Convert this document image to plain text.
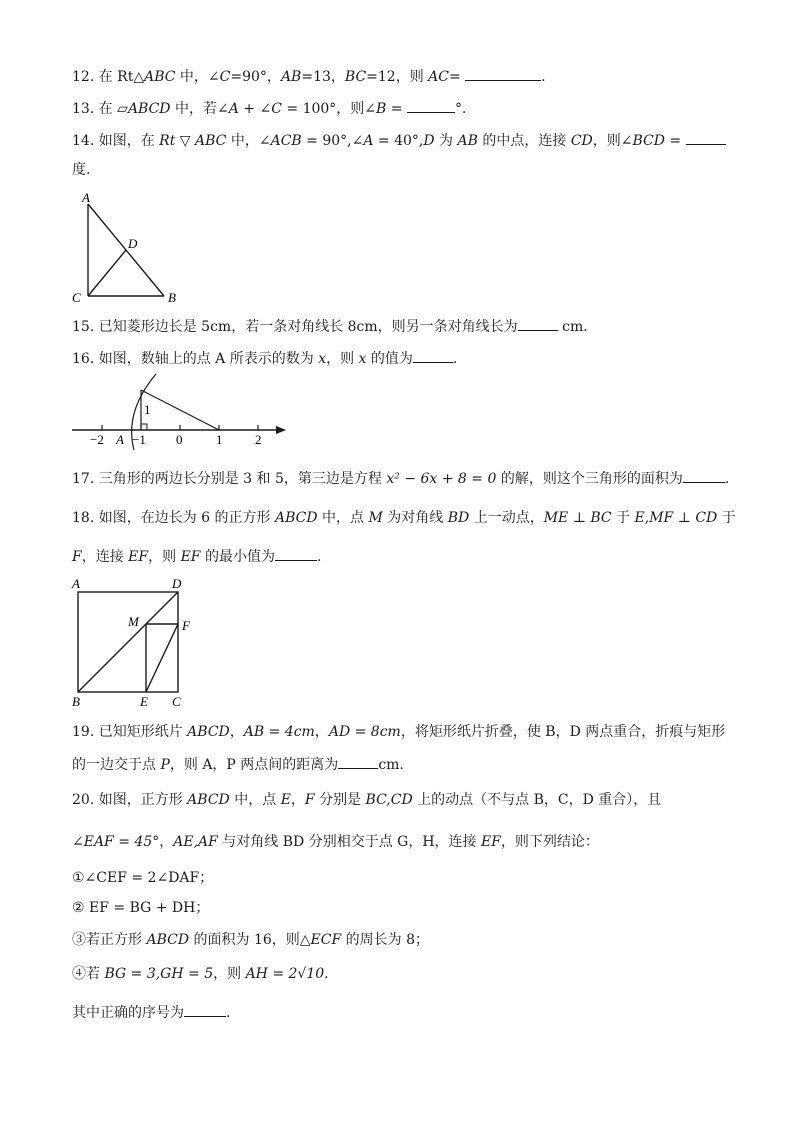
12. 在 Rt△ABC 中，∠C=90°，AB=13，BC=12，则 AC=	.
13. 在 ▱ABCD 中，若∠A + ∠C = 100°，则∠B =	°．
14. 如图，在 Rt ▽ ABC 中，∠ACB = 90°,∠A = 40°,D 为 AB 的中点，连接 CD，则∠BCD =
度.
A
D
C	B
15. 已知菱形边长是 5cm，若一条对角线长 8cm，则另一条对角线长为	cm．
16. 如图，数轴上的点 A 所表示的数为 x，则 x 的值为	.
1
−2 A −1 0	1	2
17. 三角形的两边长分别是 3 和 5，第三边是方程 x² − 6x + 8 = 0 的解，则这个三角形的面积为	.
18. 如图，在边长为 6 的正方形 ABCD 中，点 M 为对角线 BD 上一动点，ME ⊥ BC 于 E,MF ⊥ CD 于
F，连接 EF，则 EF 的最小值为	.
A	D
M	F
B	E C
19. 已知矩形纸片 ABCD，AB = 4cm，AD = 8cm，将矩形纸片折叠，使 B，D 两点重合，折痕与矩形
的一边交于点 P，则 A，P 两点间的距离为	cm.
20. 如图，正方形 ABCD 中，点 E，F 分别是 BC,CD 上的动点（不与点 B，C，D 重合），且
∠EAF = 45°，AE,AF 与对角线 BD 分别相交于点 G，H，连接 EF，则下列结论：
①∠CEF = 2∠DAF；
② EF = BG + DH；
③若正方形 ABCD 的面积为 16，则△ECF 的周长为 8；
④若 BG = 3,GH = 5，则 AH = 2√10.
其中正确的序号为	.
